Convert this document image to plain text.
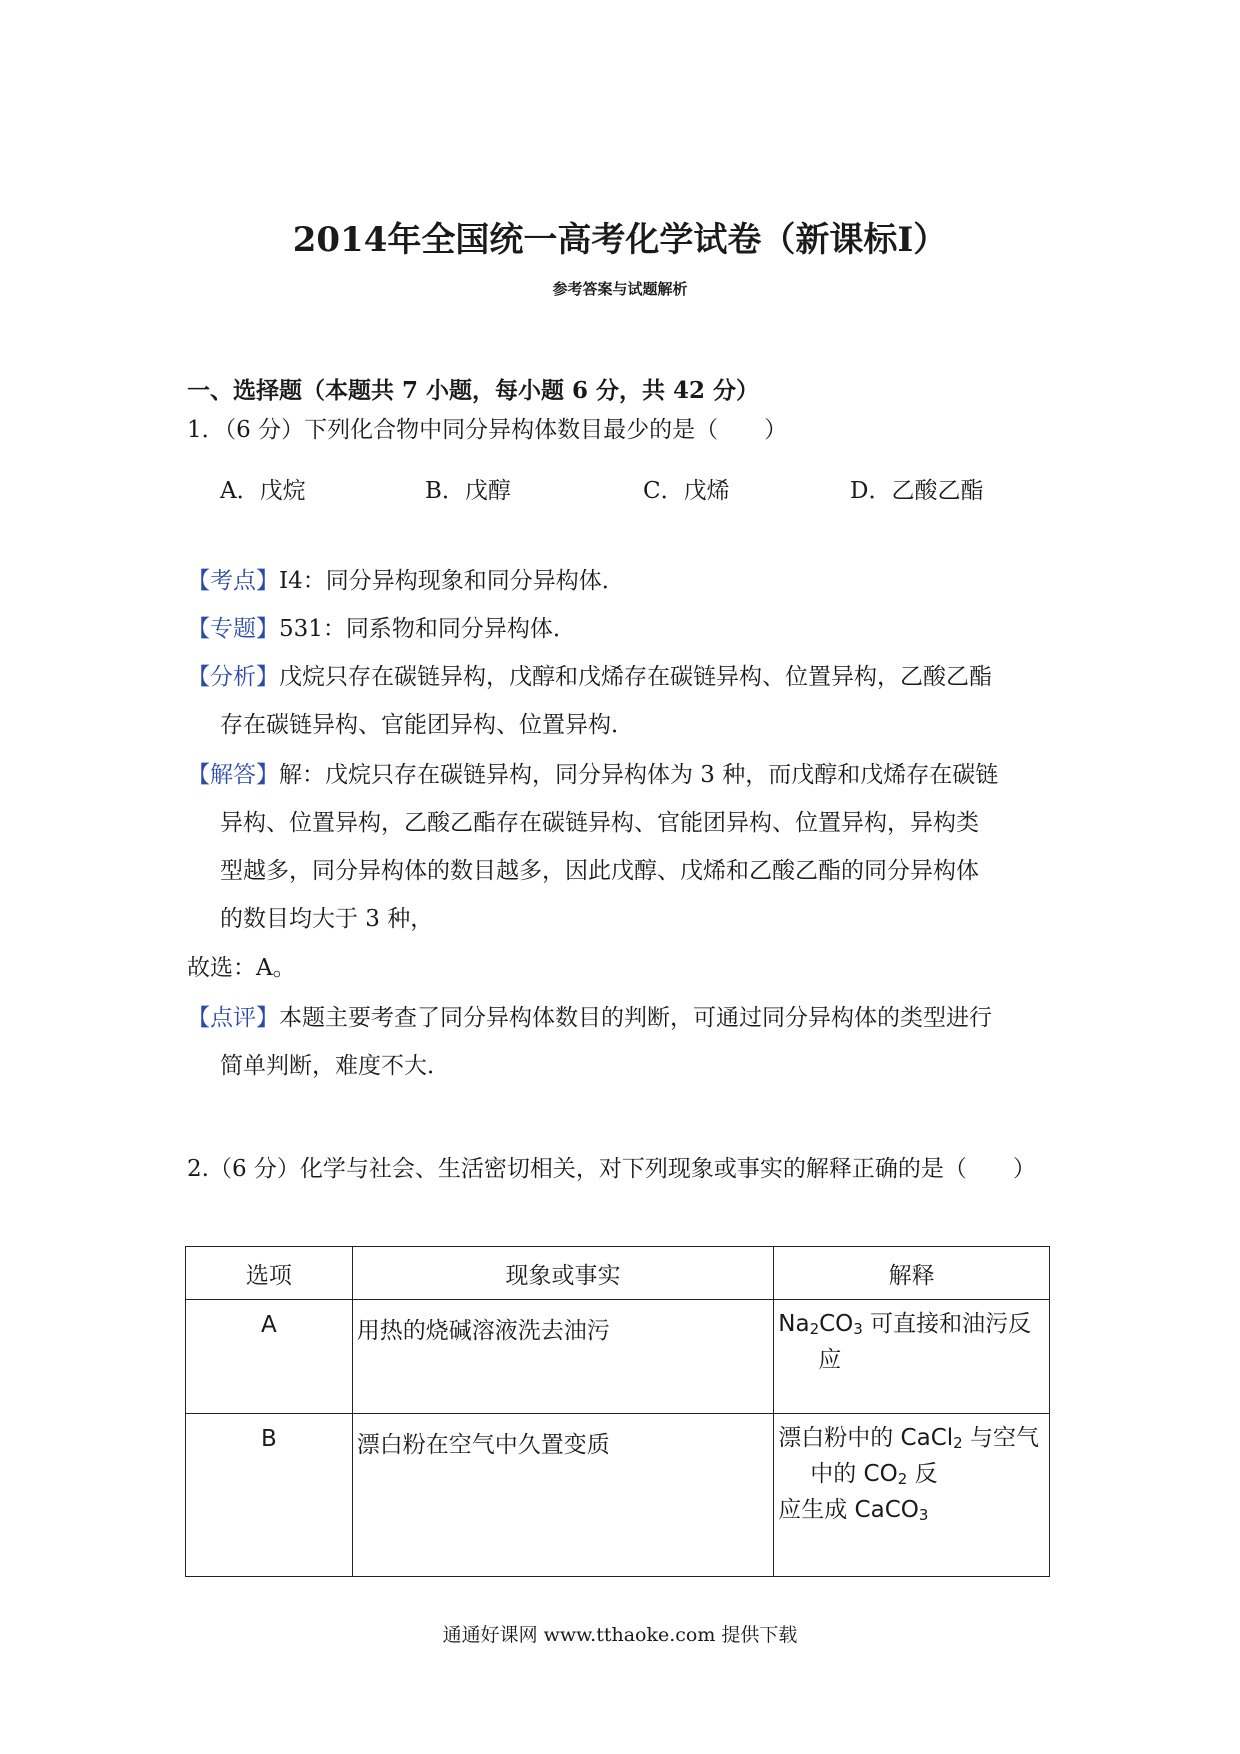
2014年全国统一高考化学试卷（新课标I）
参考答案与试题解析
一、选择题（本题共 7 小题，每小题 6 分，共 42 分）
1．（6 分）下列化合物中同分异构体数目最少的是（　　）
A．戊烷	B．戊醇	C．戊烯	D．乙酸乙酯
【考点】I4：同分异构现象和同分异构体．
【专题】531：同系物和同分异构体．
【分析】戊烷只存在碳链异构，戊醇和戊烯存在碳链异构、位置异构，乙酸乙酯
存在碳链异构、官能团异构、位置异构．
【解答】解：戊烷只存在碳链异构，同分异构体为 3 种，而戊醇和戊烯存在碳链
异构、位置异构，乙酸乙酯存在碳链异构、官能团异构、位置异构，异构类
型越多，同分异构体的数目越多，因此戊醇、戊烯和乙酸乙酯的同分异构体
的数目均大于 3 种，
故选：A。
【点评】本题主要考查了同分异构体数目的判断，可通过同分异构体的类型进行
简单判断，难度不大．
2.（6 分）化学与社会、生活密切相关，对下列现象或事实的解释正确的是（　　）
选项	现象或事实	解释
A	用热的烧碱溶液洗去油污	$Na_2CO_3$ 可直接和油污反
应

B	漂白粉在空气中久置变质	漂白粉中的 CaCl$_2$ 与空气
中的 $CO_2$ 反
应生成 CaCO$_3$
通通好课网 www.tthaoke.com 提供下载
